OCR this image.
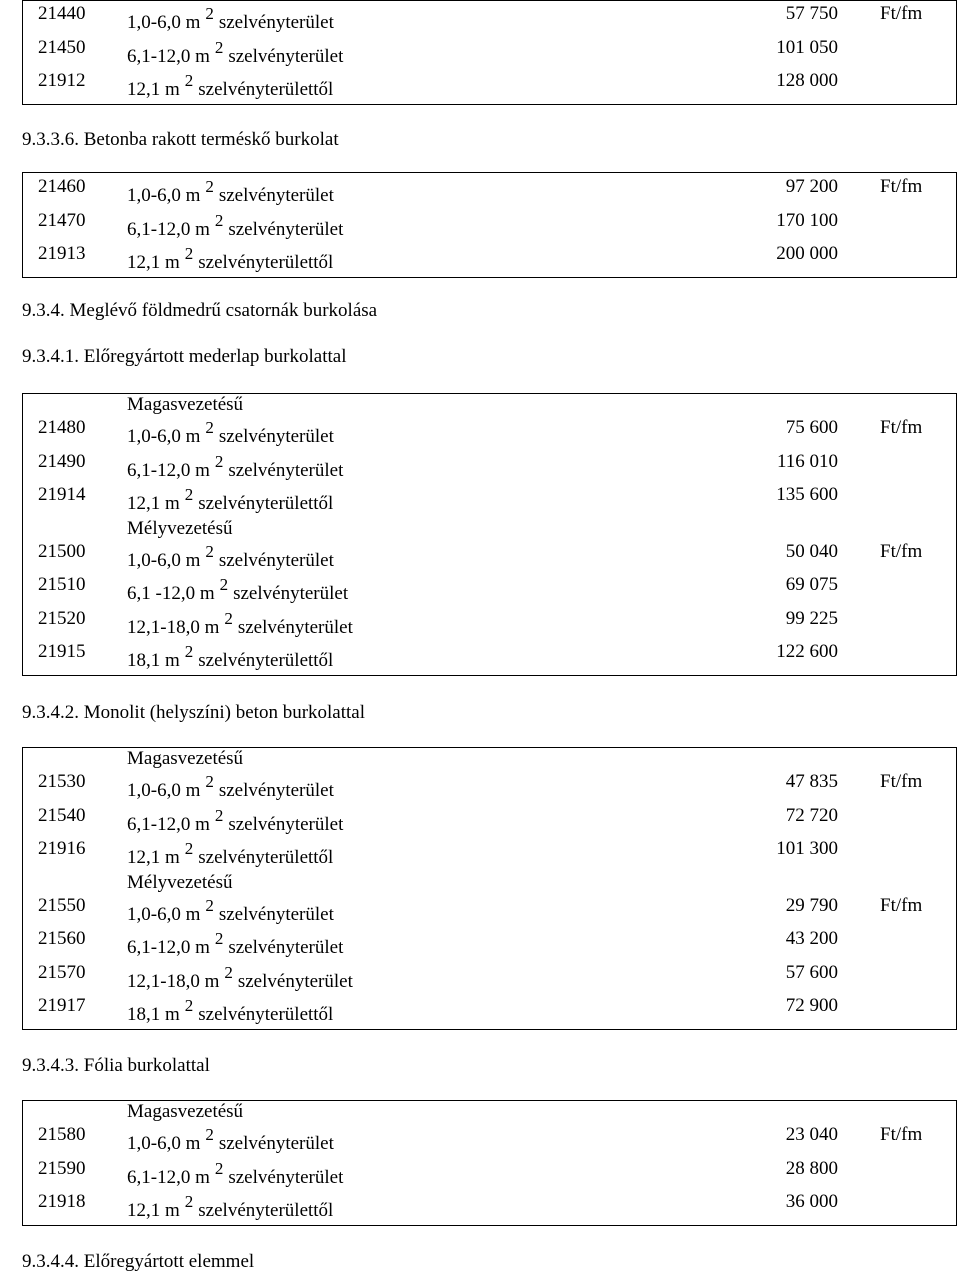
21440 1,0-6,0 m 2 szelvényterület	57 750 Ft/fm
21450 6,1-12,0 m 2 szelvényterület	101 050
21912 12,1 m 2 szelvényterülettől	128 000
9.3.3.6. Betonba rakott terméskő burkolat
21460 1,0-6,0 m 2 szelvényterület	97 200 Ft/fm
21470 6,1-12,0 m 2 szelvényterület	170 100
21913 12,1 m 2 szelvényterülettől	200 000
9.3.4. Meglévő földmedrű csatornák burkolása
9.3.4.1. Előregyártott mederlap burkolattal
Magasvezetésű
21480 1,0-6,0 m 2 szelvényterület	75 600 Ft/fm
21490 6,1-12,0 m 2 szelvényterület	116 010
21914 12,1 m 2 szelvényterülettől	135 600
Mélyvezetésű
21500 1,0-6,0 m 2 szelvényterület	50 040 Ft/fm
21510 6,1 -12,0 m 2 szelvényterület	69 075
21520 12,1-18,0 m 2 szelvényterület	99 225
21915 18,1 m 2 szelvényterülettől	122 600
9.3.4.2. Monolit (helyszíni) beton burkolattal
Magasvezetésű
21530 1,0-6,0 m 2 szelvényterület	47 835 Ft/fm
21540 6,1-12,0 m 2 szelvényterület	72 720
21916 12,1 m 2 szelvényterülettől	101 300
Mélyvezetésű
21550 1,0-6,0 m 2 szelvényterület	29 790 Ft/fm
21560 6,1-12,0 m 2 szelvényterület	43 200
21570 12,1-18,0 m 2 szelvényterület	57 600
21917 18,1 m 2 szelvényterülettől	72 900
9.3.4.3. Fólia burkolattal
Magasvezetésű
21580 1,0-6,0 m 2 szelvényterület	23 040 Ft/fm
21590 6,1-12,0 m 2 szelvényterület	28 800
21918 12,1 m 2 szelvényterülettől	36 000
9.3.4.4. Előregyártott elemmel
